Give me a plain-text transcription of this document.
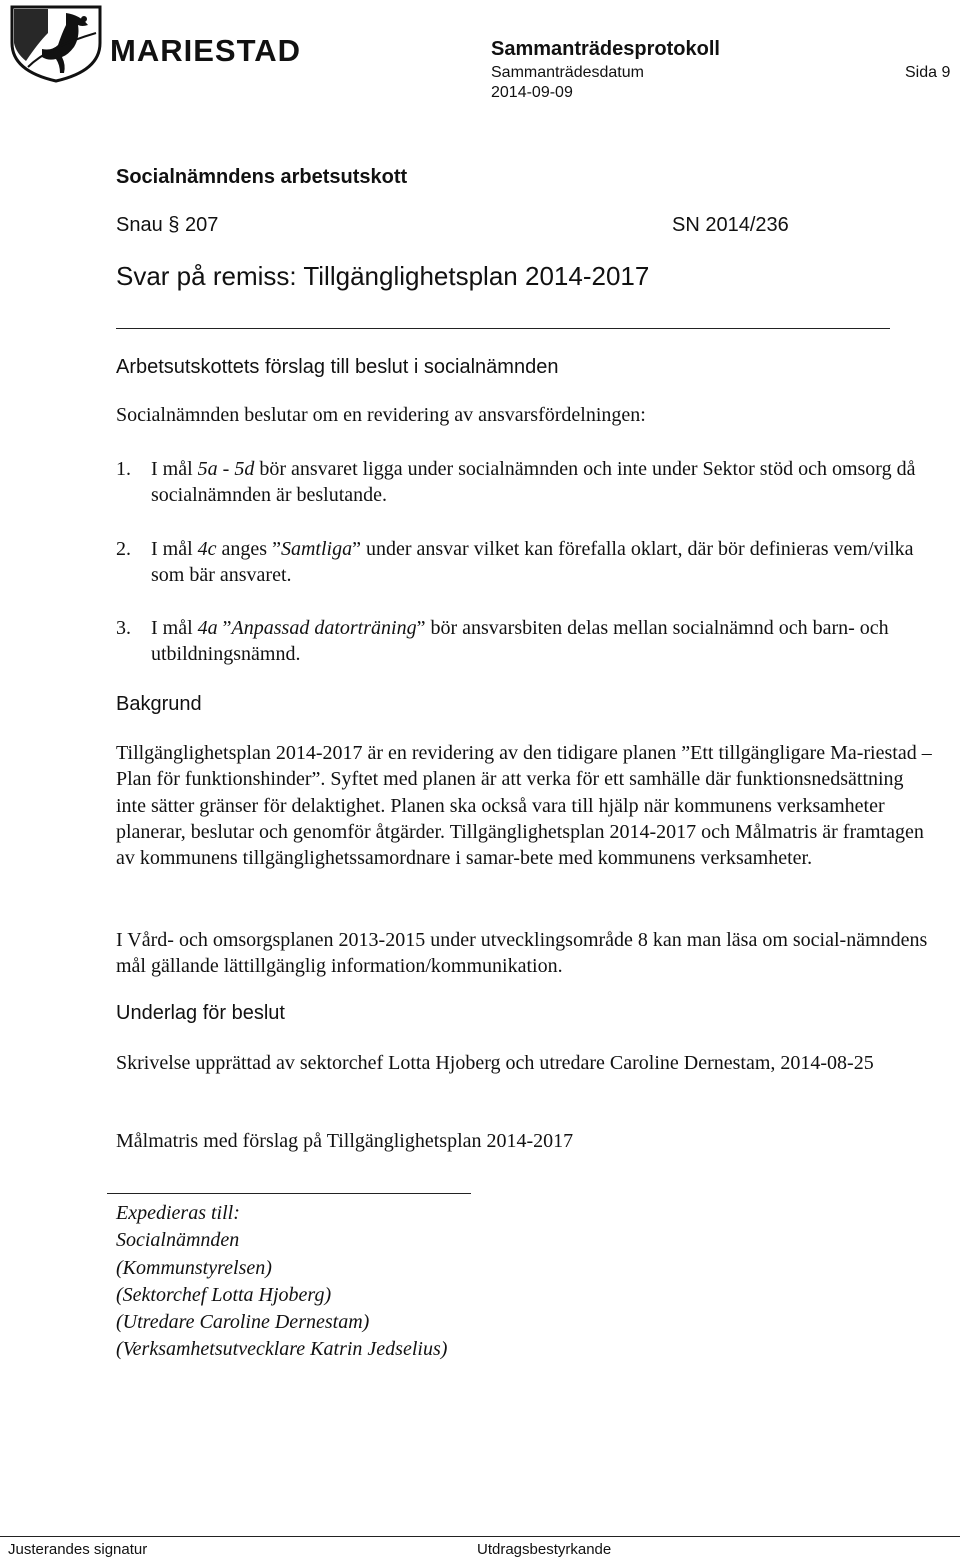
MARIESTAD	Sammanträdesprotokoll
Sammanträdesdatum
2014-09-09
Sida 9
Socialnämndens arbetsutskott
Snau § 207	SN 2014/236
Svar på remiss: Tillgänglighetsplan 2014-2017
Arbetsutskottets förslag till beslut i socialnämnden
Socialnämnden beslutar om en revidering av ansvarsfördelningen:
1. I mål 5a - 5d bör ansvaret ligga under socialnämnden och inte under Sektor stöd och omsorg då socialnämnden är beslutande.
2. I mål 4c anges ”Samtliga” under ansvar vilket kan förefalla oklart, där bör definieras vem/vilka som bär ansvaret.
3. I mål 4a ”Anpassad datorträning” bör ansvarsbiten delas mellan socialnämnd och barn- och utbildningsnämnd.
Bakgrund
Tillgänglighetsplan 2014-2017 är en revidering av den tidigare planen ”Ett tillgängligare Ma-riestad – Plan för funktionshinder”. Syftet med planen är att verka för ett samhälle där funktionsnedsättning inte sätter gränser för delaktighet. Planen ska också vara till hjälp när kommunens verksamheter planerar, beslutar och genomför åtgärder. Tillgänglighetsplan 2014-2017 och Målmatris är framtagen av kommunens tillgänglighetssamordnare i samar-bete med kommunens verksamheter.
I Vård- och omsorgsplanen 2013-2015 under utvecklingsområde 8 kan man läsa om social-nämndens mål gällande lättillgänglig information/kommunikation.
Underlag för beslut
Skrivelse upprättad av sektorchef Lotta Hjoberg och utredare Caroline Dernestam, 2014-08-25
Målmatris med förslag på Tillgänglighetsplan 2014-2017
Expedieras till:
Socialnämnden
(Kommunstyrelsen)
(Sektorchef Lotta Hjoberg)
(Utredare Caroline Dernestam)
(Verksamhetsutvecklare Katrin Jedselius)
Justerandes signatur	Utdragsbestyrkande
